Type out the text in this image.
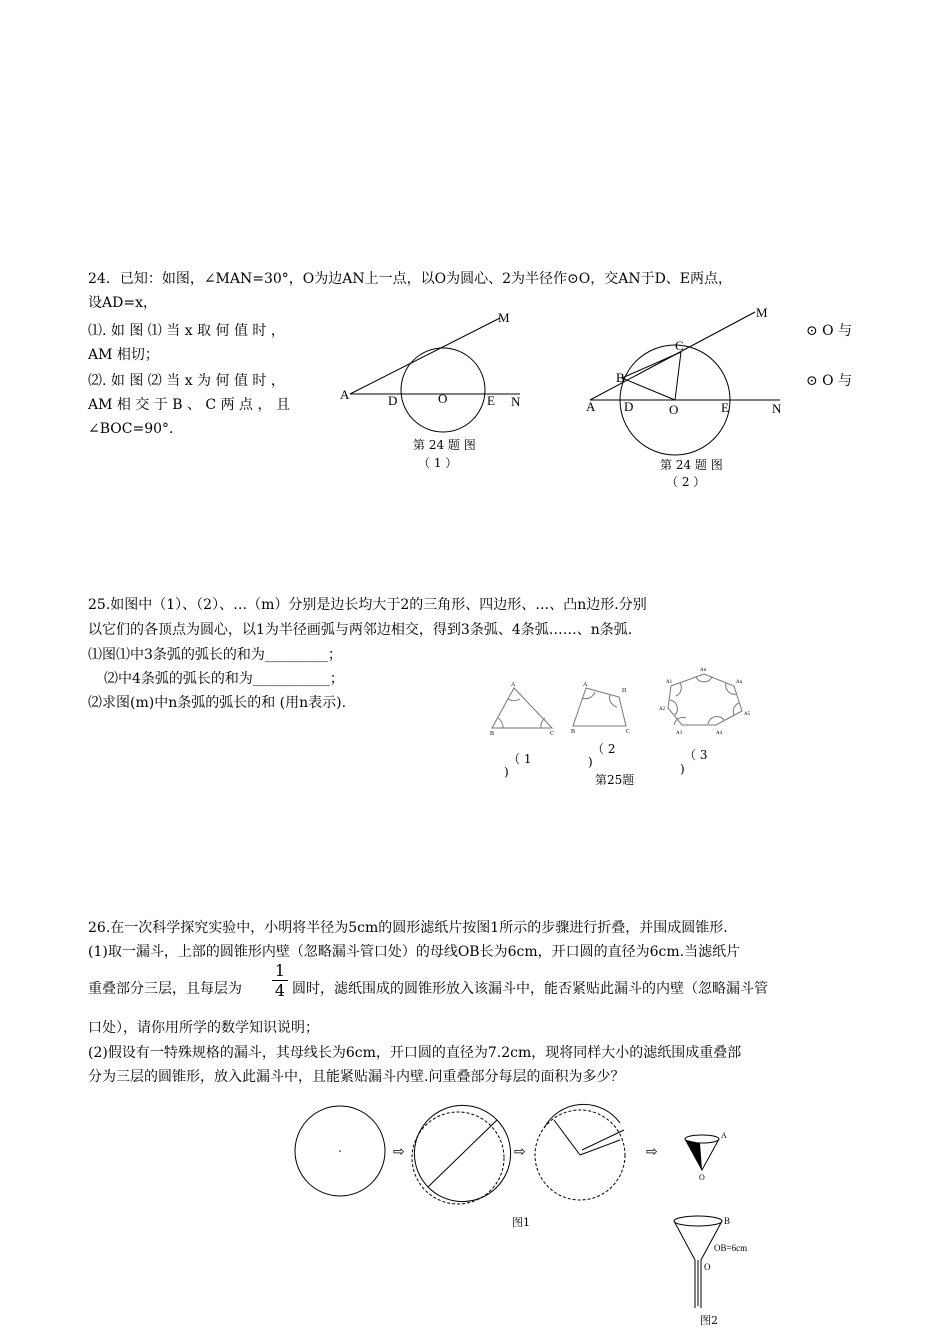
24．已知：如图，∠MAN=30°，O为边AN上一点，以O为圆心、2为半径作⊙O，交AN于D、E两点，
设AD=x，
⑴. 如 图 ⑴ 当 x 取 何 值 时 ，	⊙ O 与
AM 相切；
⑵. 如 图 ⑵ 当 x 为 何 值 时 ，	⊙ O 与
AM 相 交 于 B 、 C 两 点 ， 且
∠BOC=90°．
M
A	D	O	E N
第 24 题 图
（ 1 ）
M
A D	O	E	N
B
C
第 24 题 图
（ 2 ）
25.如图中（1）、（2）、…（m）分别是边长均大于2的三角形、四边形、…、凸n边形.分别
以它们的各顶点为圆心，以1为半径画弧与两邻边相交，得到3条弧、4条弧……、n条弧.
⑴图⑴中3条弧的弧长的和为_________；
⑵中4条弧的弧长的和为___________；
⑵求图(m)中n条弧的弧长的和 (用n表示).
A
B	C
A
D
B	C
A1
An
An
A5
A4
A3
A2
（ 1
)
（ 2
)	（ 3
)
第25题
26.在一次科学探究实验中，小明将半径为5cm的圆形滤纸片按图1所示的步骤进行折叠，并围成圆锥形.
(1)取一漏斗，上部的圆锥形内壁（忽略漏斗管口处）的母线OB长为6cm，开口圆的直径为6cm.当滤纸片
重叠部分三层，且每层为 $\frac{1}{4}$ 圆时，滤纸围成的圆锥形放入该漏斗中，能否紧贴此漏斗的内壁（忽略漏斗管
口处），请你用所学的数学知识说明；
(2)假设有一特殊规格的漏斗，其母线长为6cm，开口圆的直径为7.2cm，现将同样大小的滤纸围成重叠部
分为三层的圆锥形，放入此漏斗中，且能紧贴漏斗内壁.问重叠部分每层的面积为多少？
⇨	⇨	⇨
A
O
图1	B
OB=6cm
O
图2
